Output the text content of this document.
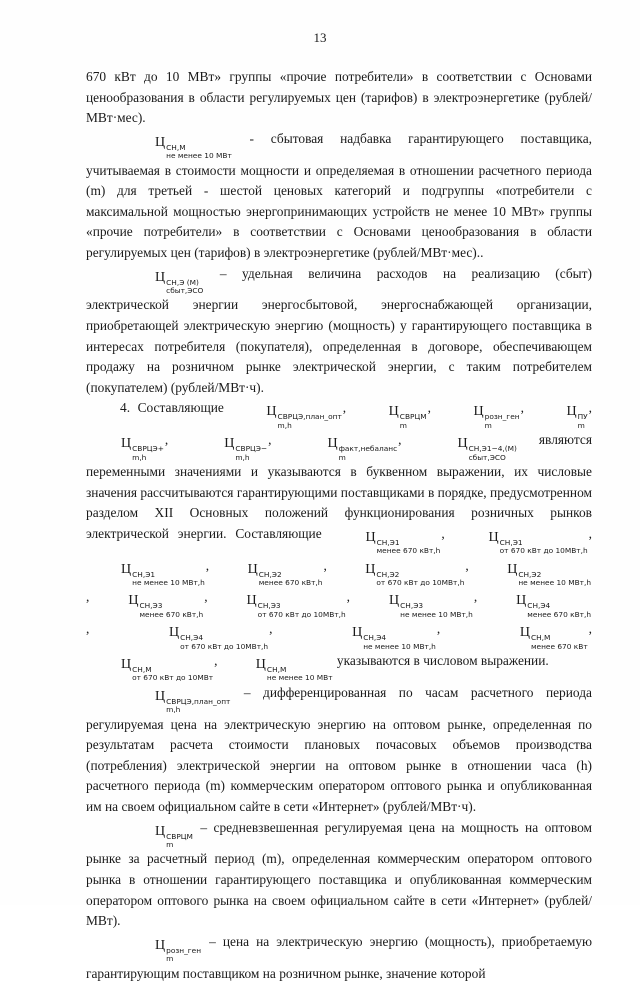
13

670 кВт до 10 МВт» группы «прочие потребители» в соответствии с Основами ценообразования в области регулируемых цен (тарифов) в электроэнергетике (рублей/МВт·мес).

Ц СН,М
не менее 10 МВт
- сбытовая надбавка гарантирующего поставщика, учитываемая в стоимости мощности и определяемая в отношении расчетного периода (m) для третьей - шестой ценовых категорий и подгруппы «потребители с максимальной мощностью энергопринимающих устройств не менее 10 МВт» группы «прочие потребители» в соответствии с Основами ценообразования в области регулируемых цен (тарифов) в электроэнергетике (рублей/МВт·мес)..

Ц СН,Э (М)
сбыт,ЭСО
– удельная величина расходов на реализацию (сбыт) электрической энергии энергосбытовой, энергоснабжающей организации, приобретающей электрическую энергию (мощность) у гарантирующего поставщика в интересах потребителя (покупателя), определенная в договоре, обеспечивающем продажу на розничном рынке электрической энергии, с таким потребителем (покупателем) (рублей/МВт·ч).

4. Составляющие	Ц СВРЦЭ,план_опт
m,h
,	Ц СВРЦМ
m
,	Ц розн_ген
m
,	Ц ПУ
m
, Ц СВРЦЭ+
m,h
,	Ц СВРЦЭ−
m,h
,	Ц факт,небаланс
m
,	Ц СН,Э1−4,(М)
сбыт,ЭСО
являются переменными значениями и указываются в буквенном выражении, их числовые значения рассчитываются гарантирующими поставщиками в порядке, предусмотренном разделом XII Основных положений функционирования розничных рынков электрической энергии. Составляющие	Ц СН,Э1
менее 670 кВт,h
,	Ц СН,Э1
от 670 кВт до 10МВт,h
, Ц СН,Э1
не менее 10 МВт,h
,	Ц СН,Э2
менее 670 кВт,h
,	Ц СН,Э2
от 670 кВт до 10МВт,h
,	Ц СН,Э2
не менее 10 МВт,h
,	Ц СН,Э3
менее 670 кВт,h
,	Ц СН,Э3
от 670 кВт до 10МВт,h
,	Ц СН,Э3
не менее 10 МВт,h
,	Ц СН,Э4
менее 670 кВт,h
,	Ц СН,Э4
от 670 кВт до 10МВт,h
,	Ц СН,Э4
не менее 10 МВт,h
,	Ц СН,М
менее 670 кВт
, Ц СН,М
от 670 кВт до 10МВт
,	Ц СН,М
не менее 10 МВт
указываются в числовом выражении.

Ц СВРЦЭ,план_опт
m,h
– дифференцированная по часам расчетного периода регулируемая цена на электрическую энергию на оптовом рынке, определенная по результатам расчета стоимости плановых почасовых объемов производства (потребления) электрической энергии на оптовом рынке в отношении часа (h) расчетного периода (m) коммерческим оператором оптового рынка и опубликованная им на своем официальном сайте в сети «Интернет» (рублей/МВт·ч).

Ц СВРЦМ
m
– средневзвешенная регулируемая цена на мощность на оптовом рынке за расчетный период (m), определенная коммерческим оператором оптового рынка в отношении гарантирующего поставщика и опубликованная коммерческим оператором оптового рынка на своем официальном сайте в сети «Интернет» (рублей/МВт).

Ц розн_ген
m
– цена на электрическую энергию (мощность), приобретаемую гарантирующим поставщиком на розничном рынке, значение которой
